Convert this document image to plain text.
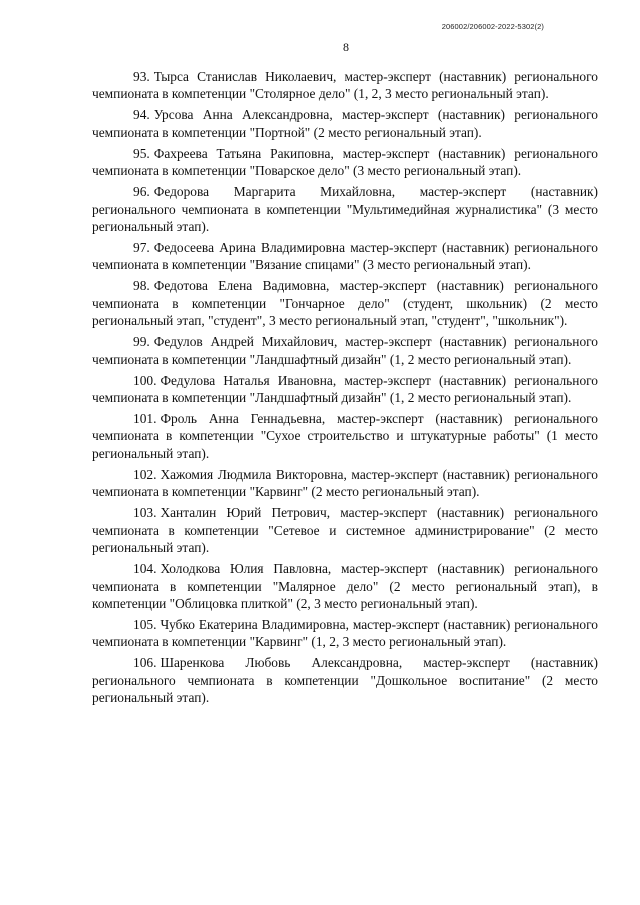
206002/206002-2022-5302(2)
8

93. Тырса Станислав Николаевич, мастер-эксперт (наставник) регионального чемпионата в компетенции "Столярное дело" (1, 2, 3 место региональный этап).

94. Урсова Анна Александровна, мастер-эксперт (наставник) регионального чемпионата в компетенции "Портной" (2 место региональный этап).

95. Фахреева Татьяна Ракиповна, мастер-эксперт (наставник) регионального чемпионата в компетенции "Поварское дело" (3 место региональный этап).

96. Федорова Маргарита Михайловна, мастер-эксперт (наставник) регионального чемпионата в компетенции "Мультимедийная журналистика" (3 место региональный этап).

97. Федосеева Арина Владимировна мастер-эксперт (наставник) регионального чемпионата в компетенции "Вязание спицами" (3 место региональный этап).

98. Федотова Елена Вадимовна, мастер-эксперт (наставник) регионального чемпионата в компетенции "Гончарное дело" (студент, школьник) (2 место региональный этап, "студент", 3 место региональный этап, "студент", "школьник").

99. Федулов Андрей Михайлович, мастер-эксперт (наставник) регионального чемпионата в компетенции "Ландшафтный дизайн" (1, 2 место региональный этап).

100. Федулова Наталья Ивановна, мастер-эксперт (наставник) регионального чемпионата в компетенции "Ландшафтный дизайн" (1, 2 место региональный этап).

101. Фроль Анна Геннадьевна, мастер-эксперт (наставник) регионального чемпионата в компетенции "Сухое строительство и штукатурные работы" (1 место региональный этап).

102. Хажомия Людмила Викторовна, мастер-эксперт (наставник) регионального чемпионата в компетенции "Карвинг" (2 место региональный этап).

103. Ханталин Юрий Петрович, мастер-эксперт (наставник) регионального чемпионата в компетенции "Сетевое и системное администрирование" (2 место региональный этап).

104. Холодкова Юлия Павловна, мастер-эксперт (наставник) регионального чемпионата в компетенции "Малярное дело" (2 место региональный этап), в компетенции "Облицовка плиткой" (2, 3 место региональный этап).

105. Чубко Екатерина Владимировна, мастер-эксперт (наставник) регионального чемпионата в компетенции "Карвинг" (1, 2, 3 место региональный этап).

106. Шаренкова Любовь Александровна, мастер-эксперт (наставник) регионального чемпионата в компетенции "Дошкольное воспитание" (2 место региональный этап).
